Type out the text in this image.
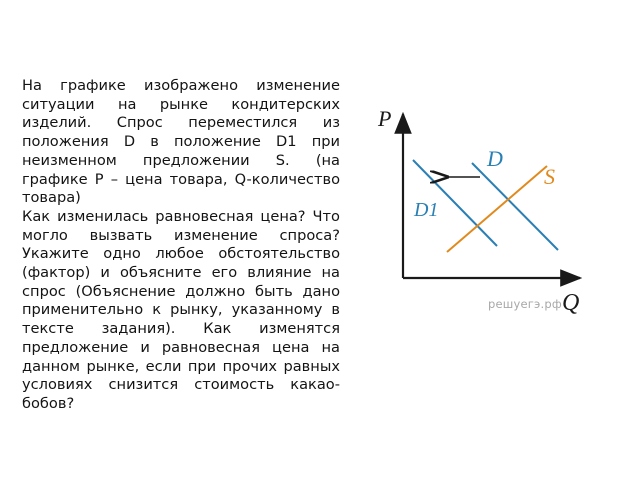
На графике изображено изменение ситуации на рынке кондитерских изделий. Спрос переместился из положения D в положение D1 при неизменном предложении S. (на графике P – цена товара, Q-количество товара)

Как изменилась равновесная цена? Что могло вызвать изменение спроса? Укажите одно любое обстоятельство (фактор) и объясните его влияние на спрос (Объяснение должно быть дано применительно к рынку, указанному в тексте задания). Как изменятся предложение и равновесная цена на данном рынке, если при прочих равных условиях снизится стоимость какао-бобов?

P
Q
D
S
D1
решуегэ.рф
